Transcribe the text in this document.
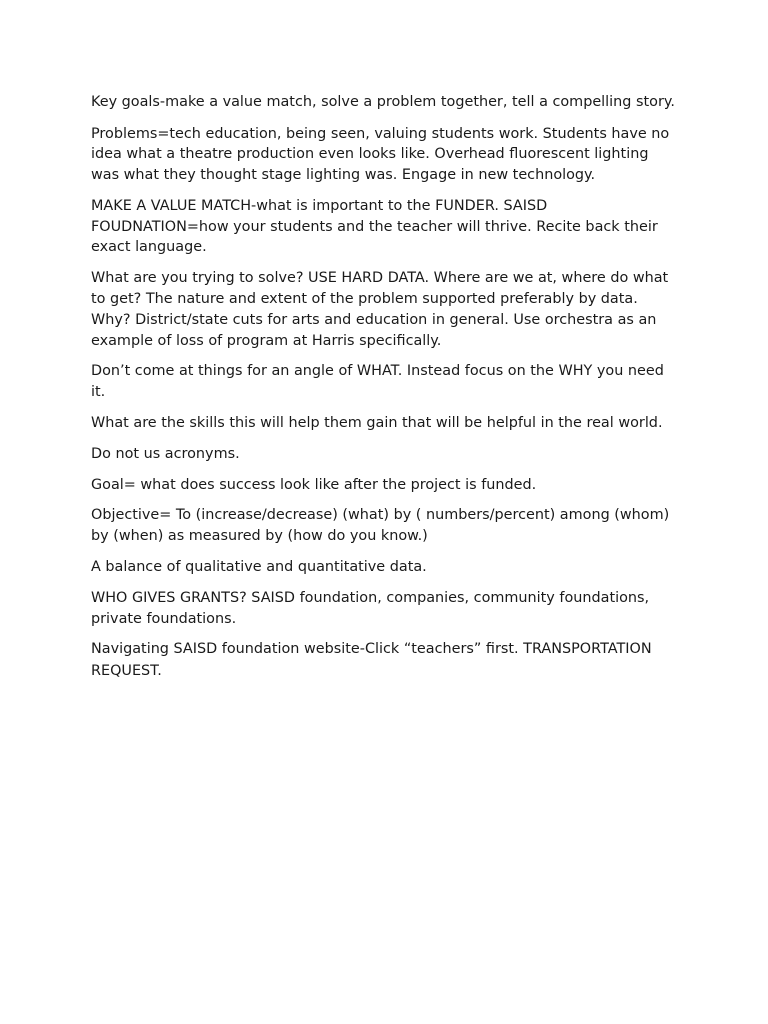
Key goals-make a value match, solve a problem together, tell a compelling story.

Problems=tech education, being seen, valuing students work. Students have no idea what a theatre production even looks like. Overhead fluorescent lighting was what they thought stage lighting was. Engage in new technology.

MAKE A VALUE MATCH-what is important to the FUNDER. SAISD FOUDNATION=how your students and the teacher will thrive. Recite back their exact language.

What are you trying to solve? USE HARD DATA. Where are we at, where do what to get? The nature and extent of the problem supported preferably by data. Why? District/state cuts for arts and education in general. Use orchestra as an example of loss of program at Harris specifically.

Don’t come at things for an angle of WHAT. Instead focus on the WHY you need it.

What are the skills this will help them gain that will be helpful in the real world.

Do not us acronyms.

Goal= what does success look like after the project is funded.

Objective= To (increase/decrease) (what) by ( numbers/percent) among (whom) by (when) as measured by (how do you know.)

A balance of qualitative and quantitative data.

WHO GIVES GRANTS? SAISD foundation, companies, community foundations, private foundations.

Navigating SAISD foundation website-Click “teachers” first. TRANSPORTATION REQUEST.
